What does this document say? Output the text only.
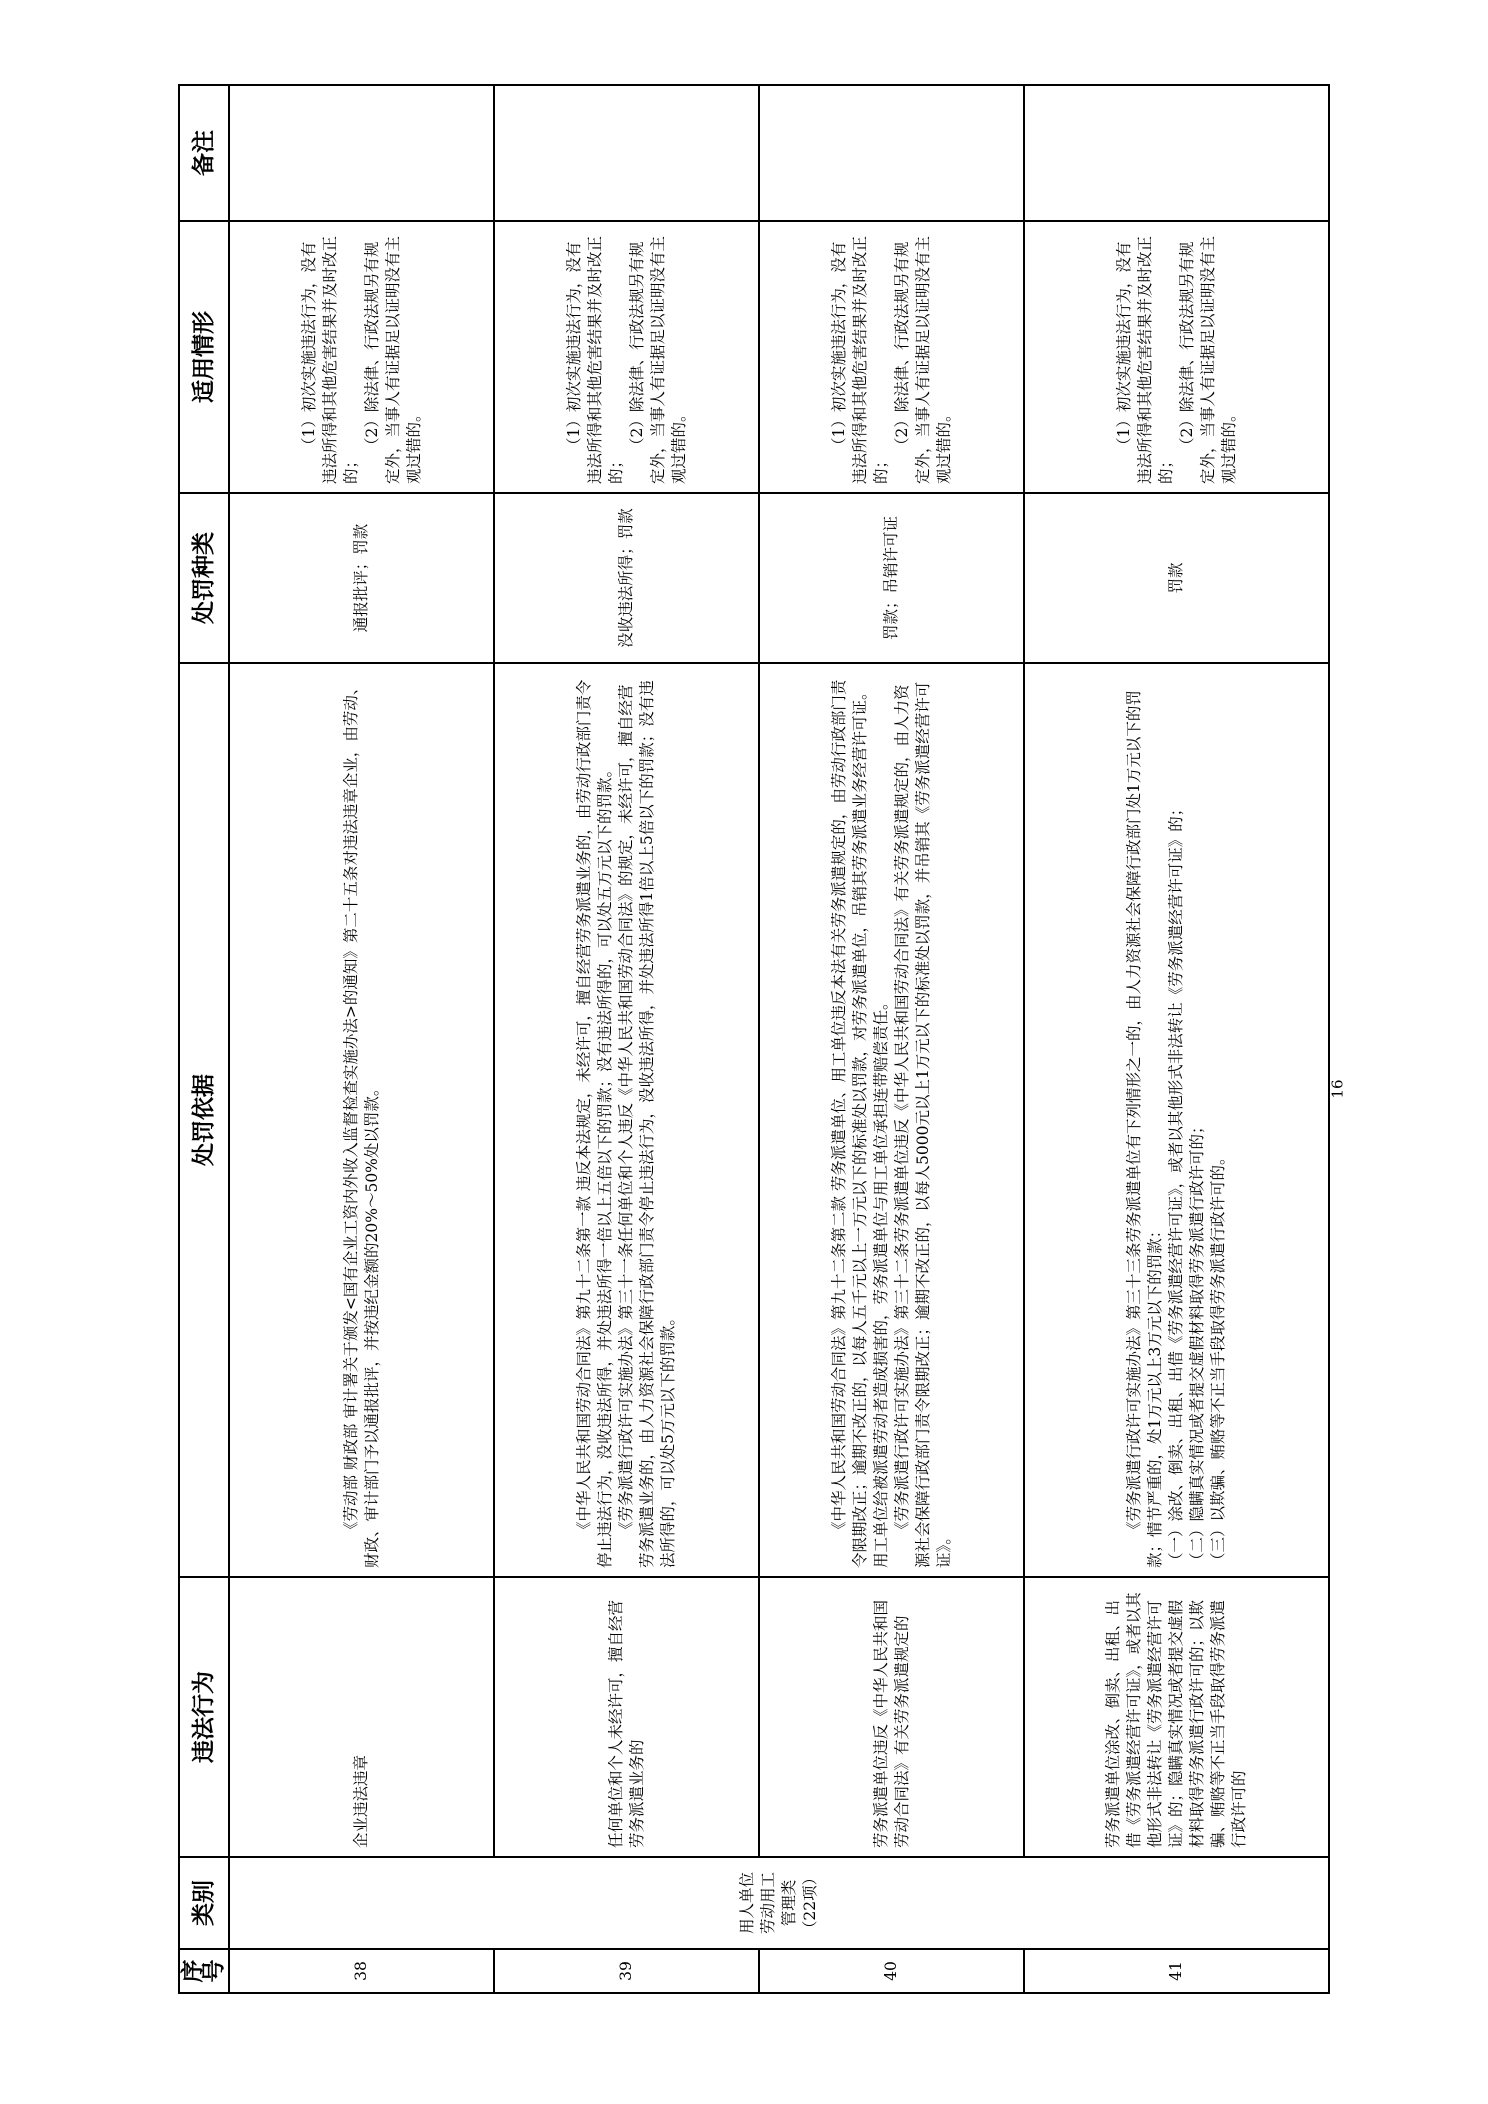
序号	类别	违法行为	处罚依据	处罚种类	适用情形	备注
38	用人单位劳动用工管理类（22项）	企业违法违章	《劳动部 财政部 审计署关于颁发<国有企业工资内外收入监督检查实施办法>的通知》第二十五条对违法违章企业，由劳动、财政、审计部门予以通报批评，并按违纪金额的20%～50%处以罚款。	通报批评；罚款	（1）初次实施违法行为，没有违法所得和其他危害结果并及时改正的；
（2）除法律、行政法规另有规定外，当事人有证据足以证明没有主观过错的。	

39		任何单位和个人未经许可，擅自经营劳务派遣业务的	《中华人民共和国劳动合同法》第九十二条第一款 违反本法规定，未经许可，擅自经营劳务派遣业务的，由劳动行政部门责令停止违法行为，没收违法所得，并处违法所得一倍以上五倍以下的罚款；没有违法所得的，可以处五万元以下的罚款。 《劳务派遣行政许可实施办法》第三十一条任何单位和个人违反《中华人民共和国劳动合同法》的规定，未经许可，擅自经营劳务派遣业务的，由人力资源社会保障行政部门责令停止违法行为，没收违法所得，并处违法所得1倍以上5倍以下的罚款；没有违法所得的，可以处5万元以下的罚款。	没收违法所得；罚款	（1）初次实施违法行为，没有违法所得和其他危害结果并及时改正的；
（2）除法律、行政法规另有规定外，当事人有证据足以证明没有主观过错的。	

40		劳务派遣单位违反《中华人民共和国劳动合同法》有关劳务派遣规定的	《中华人民共和国劳动合同法》第九十二条第二款 劳务派遣单位、用工单位违反本法有关劳务派遣规定的，由劳动行政部门责令限期改正；逾期不改正的，以每人五千元以上一万元以下的标准处以罚款，对劳务派遣单位，吊销其劳务派遣业务经营许可证。用工单位给被派遣劳动者造成损害的，劳务派遣单位与用工单位承担连带赔偿责任。 《劳务派遣行政许可实施办法》第三十二条劳务派遣单位违反《中华人民共和国劳动合同法》有关劳务派遣规定的，由人力资源社会保障行政部门责令限期改正；逾期不改正的，以每人5000元以上1万元以下的标准处以罚款，并吊销其《劳务派遣经营许可证》。	罚款；吊销许可证	（1）初次实施违法行为，没有违法所得和其他危害结果并及时改正的；
（2）除法律、行政法规另有规定外，当事人有证据足以证明没有主观过错的。	

41		劳务派遣单位涂改、倒卖、出租、出借《劳务派遣经营许可证》，或者以其他形式非法转让《劳务派遣经营许可证》的；隐瞒真实情况或者提交虚假材料取得劳务派遣行政许可的；以欺骗、贿赂等不正当手段取得劳务派遣行政许可的	《劳务派遣行政许可实施办法》第三十三条劳务派遣单位有下列情形之一的，由人力资源社会保障行政部门处1万元以下的罚款；情节严重的，处1万元以上3万元以下的罚款： （一）涂改、倒卖、出租、出借《劳务派遣经营许可证》，或者以其他形式非法转让《劳务派遣经营许可证》的； （二）隐瞒真实情况或者提交虚假材料取得劳务派遣行政许可的； （三）以欺骗、贿赂等不正当手段取得劳务派遣行政许可的。	罚款	（1）初次实施违法行为，没有违法所得和其他危害结果并及时改正的；
（2）除法律、行政法规另有规定外，当事人有证据足以证明没有主观过错的。	

16
